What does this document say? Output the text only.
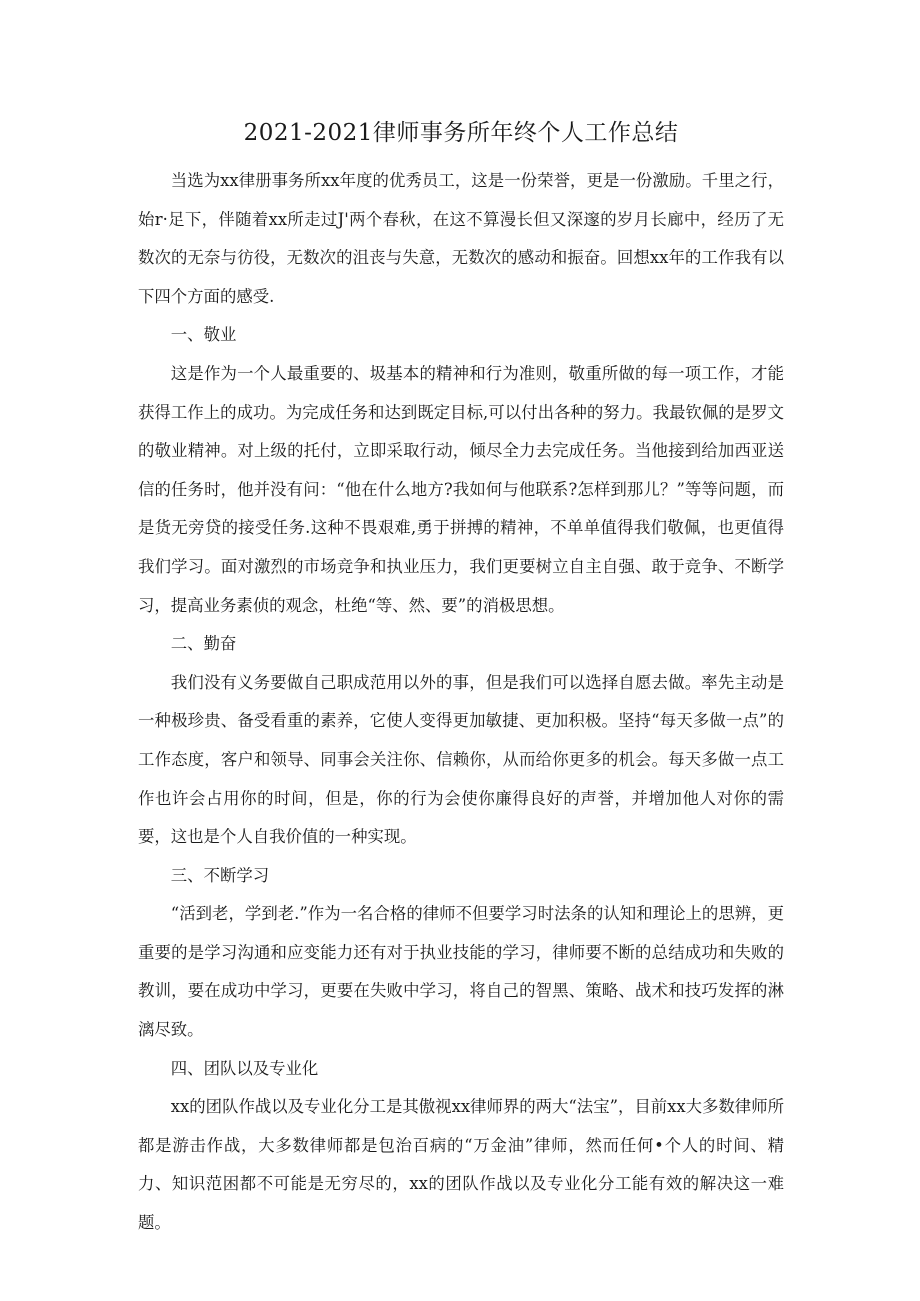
2021-2021律师事务所年终个人工作总结

当选为xx律册事务所xx年度的优秀员工，这是一份荣誉，更是一份激励。千里之行，始r·足下，伴随着xx所走过J'两个春秋，在这不算漫长但又深邃的岁月长廊中，经历了无数次的无奈与彷役，无数次的沮丧与失意，无数次的感动和振奋。回想xx年的工作我有以下四个方面的感受.

一、敬业

这是作为一个人最重要的、圾基本的精神和行为准则，敬重所做的每一项工作，才能获得工作上的成功。为完成任务和达到既定目标,可以付出各种的努力。我最钦佩的是罗文的敬业精神。对上级的托付，立即采取行动，倾尽全力去完成任务。当他接到给加西亚送信的任务时，他并没有问：“他在什么地方?我如何与他联系?怎样到那儿？”等等问题，而是货无旁贷的接受任务.这种不畏艰难,勇于拼搏的精神，不单单值得我们敬佩，也更值得我们学习。面对激烈的市场竞争和执业压力，我们更要树立自主自强、敢于竞争、不断学习，提高业务素侦的观念，杜绝“等、然、要”的消极思想。

二、勤奋

我们没有义务要做自己职成范用以外的事，但是我们可以选择自愿去做。率先主动是一种极珍贵、备受看重的素养，它使人变得更加敏捷、更加积极。坚持“每天多做一点”的工作态度，客户和领导、同事会关注你、信赖你，从而给你更多的机会。每天多做一点工作也许会占用你的时间，但是，你的行为会使你廉得良好的声誉，并增加他人对你的需要，这也是个人自我价值的一种实现。

三、不断学习

“活到老，学到老.”作为一名合格的律师不但要学习时法条的认知和理论上的思辨，更重要的是学习沟通和应变能力还有对于执业技能的学习，律师要不断的总结成功和失败的教训，要在成功中学习，更要在失败中学习，将自己的智黑、策略、战术和技巧发挥的淋漓尽致。

四、团队以及专业化

xx的团队作战以及专业化分工是其傲视xx律师界的两大“法宝”，目前xx大多数律师所都是游击作战，大多数律师都是包治百病的“万金油”律师，然而任何•个人的时间、精力、知识范困都不可能是无穷尽的，xx的团队作战以及专业化分工能有效的解决这一难题。
